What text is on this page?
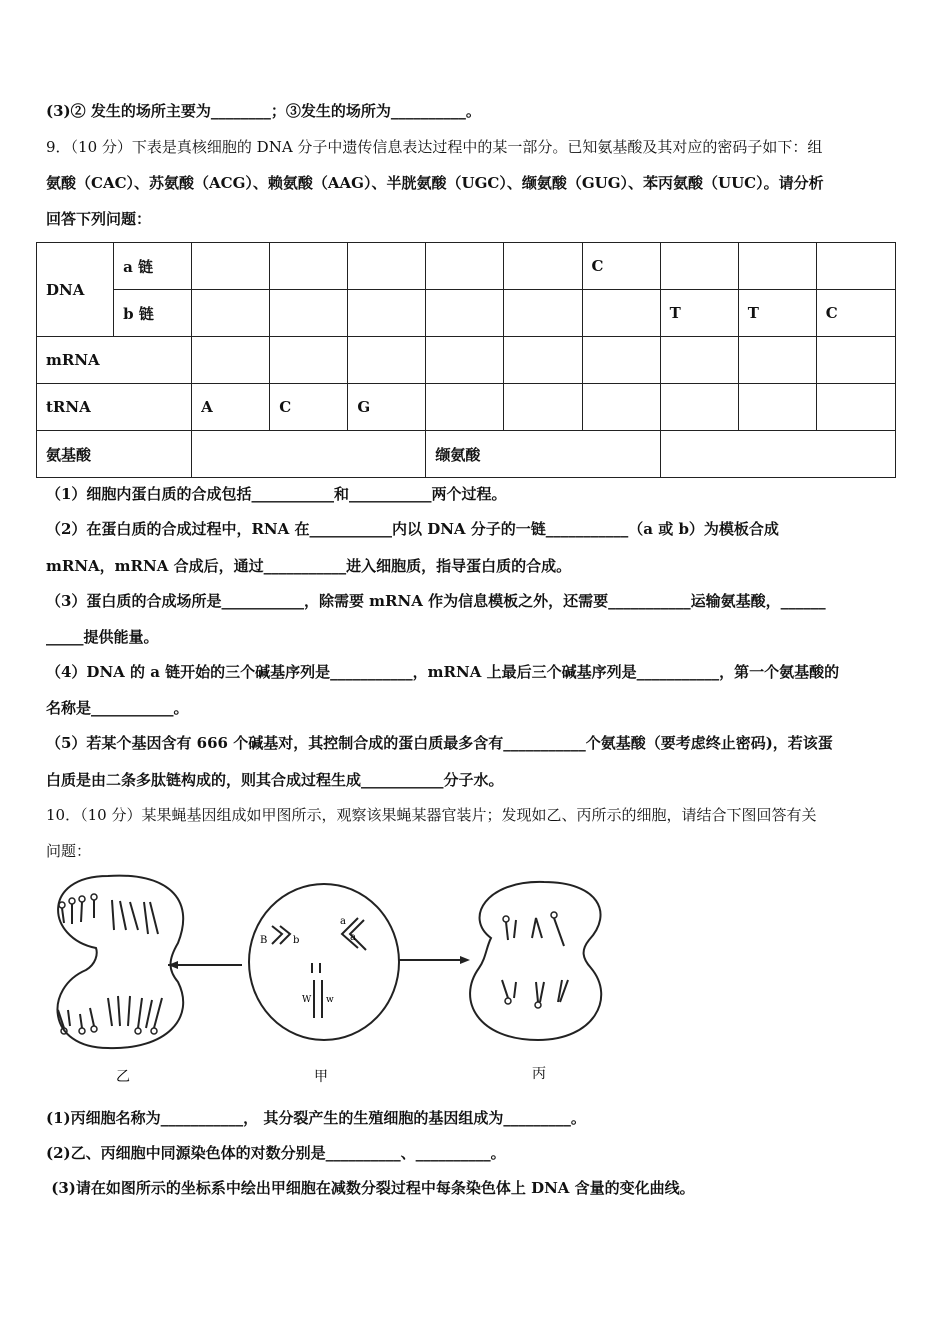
(3)② 发生的场所主要为________；③发生的场所为__________。
9．（10 分）下表是真核细胞的 DNA 分子中遗传信息表达过程中的某一部分。已知氨基酸及其对应的密码子如下：组
氨酸（CAC）、苏氨酸（ACG）、赖氨酸（AAG）、半胱氨酸（UGC）、缬氨酸（GUG）、苯丙氨酸（UUC）。请分析
回答下列问题：
DNA	a 链						C			
	b 链							T	T	C
mRNA										
tRNA		A	C	G						
氨基酸					缬氨酸					
（1）细胞内蛋白质的合成包括___________和___________两个过程。
（2）在蛋白质的合成过程中，RNA 在___________内以 DNA 分子的一链___________（a 或 b）为模板合成
mRNA，mRNA 合成后，通过___________进入细胞质，指导蛋白质的合成。
（3）蛋白质的合成场所是___________，除需要 mRNA 作为信息模板之外，还需要___________运输氨基酸，______
_____提供能量。
（4）DNA 的 a 链开始的三个碱基序列是___________，mRNA 上最后三个碱基序列是___________，第一个氨基酸的
名称是___________。
（5）若某个基因含有 666 个碱基对，其控制合成的蛋白质最多含有___________个氨基酸（要考虑终止密码)，若该蛋
白质是由二条多肽链构成的，则其合成过程生成___________分子水。
10．（10 分）某果蝇基因组成如甲图所示，观察该果蝇某器官装片；发现如乙、丙所示的细胞，请结合下图回答有关
问题：
B	b
a
a
W w
乙	甲	丙
(1)丙细胞名称为___________， 其分裂产生的生殖细胞的基因组成为_________。
(2)乙、丙细胞中同源染色体的对数分别是__________、__________。
(3)请在如图所示的坐标系中绘出甲细胞在减数分裂过程中每条染色体上 DNA 含量的变化曲线。
